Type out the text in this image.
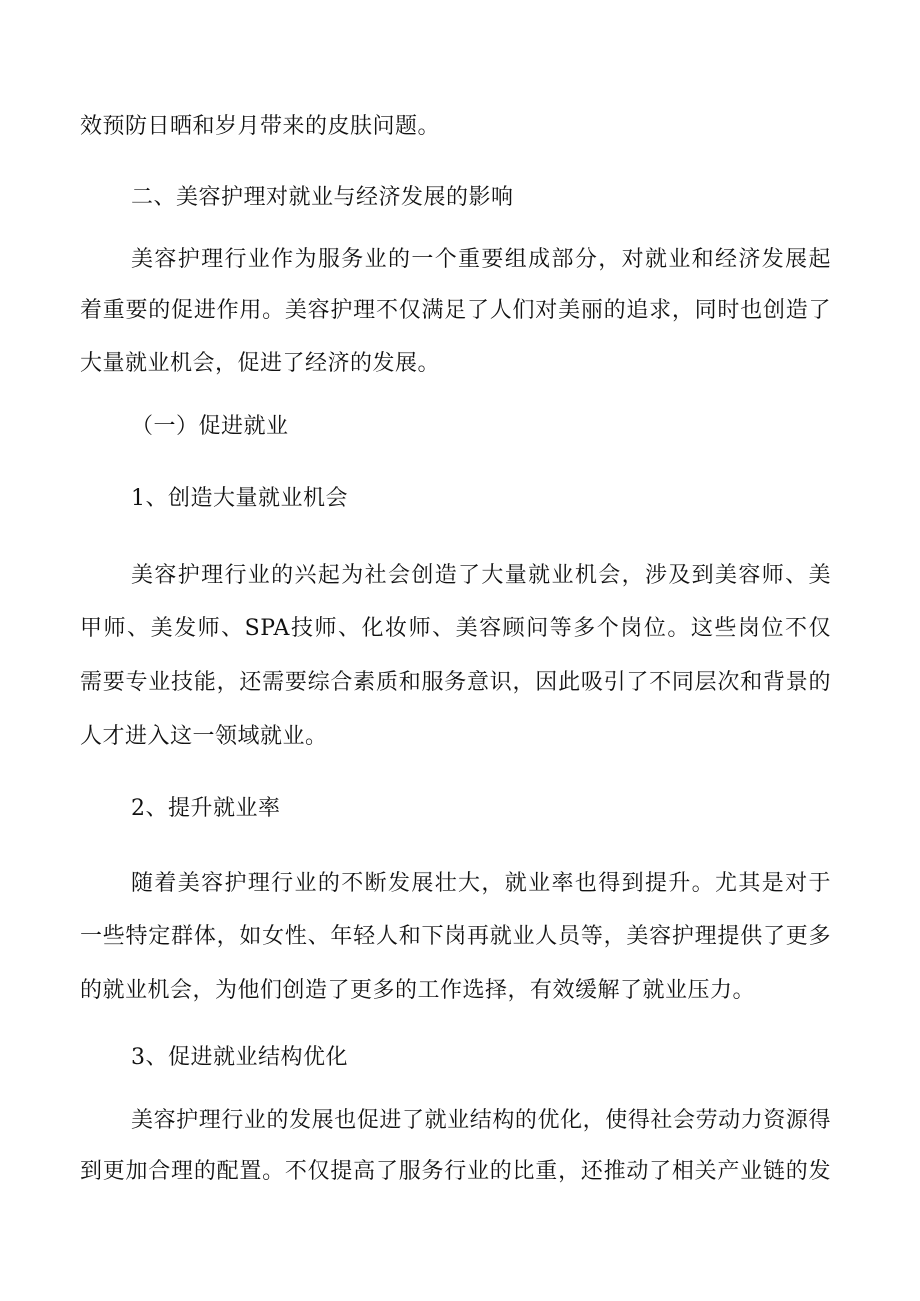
效预防日晒和岁月带来的皮肤问题。
二、美容护理对就业与经济发展的影响
美容护理行业作为服务业的一个重要组成部分，对就业和经济发展起
着重要的促进作用。美容护理不仅满足了人们对美丽的追求，同时也创造了
大量就业机会，促进了经济的发展。
（一）促进就业
1、创造大量就业机会
美容护理行业的兴起为社会创造了大量就业机会，涉及到美容师、美
甲师、美发师、SPA技师、化妆师、美容顾问等多个岗位。这些岗位不仅
需要专业技能，还需要综合素质和服务意识，因此吸引了不同层次和背景的
人才进入这一领域就业。
2、提升就业率
随着美容护理行业的不断发展壮大，就业率也得到提升。尤其是对于
一些特定群体，如女性、年轻人和下岗再就业人员等，美容护理提供了更多
的就业机会，为他们创造了更多的工作选择，有效缓解了就业压力。
3、促进就业结构优化
美容护理行业的发展也促进了就业结构的优化，使得社会劳动力资源得
到更加合理的配置。不仅提高了服务行业的比重，还推动了相关产业链的发
